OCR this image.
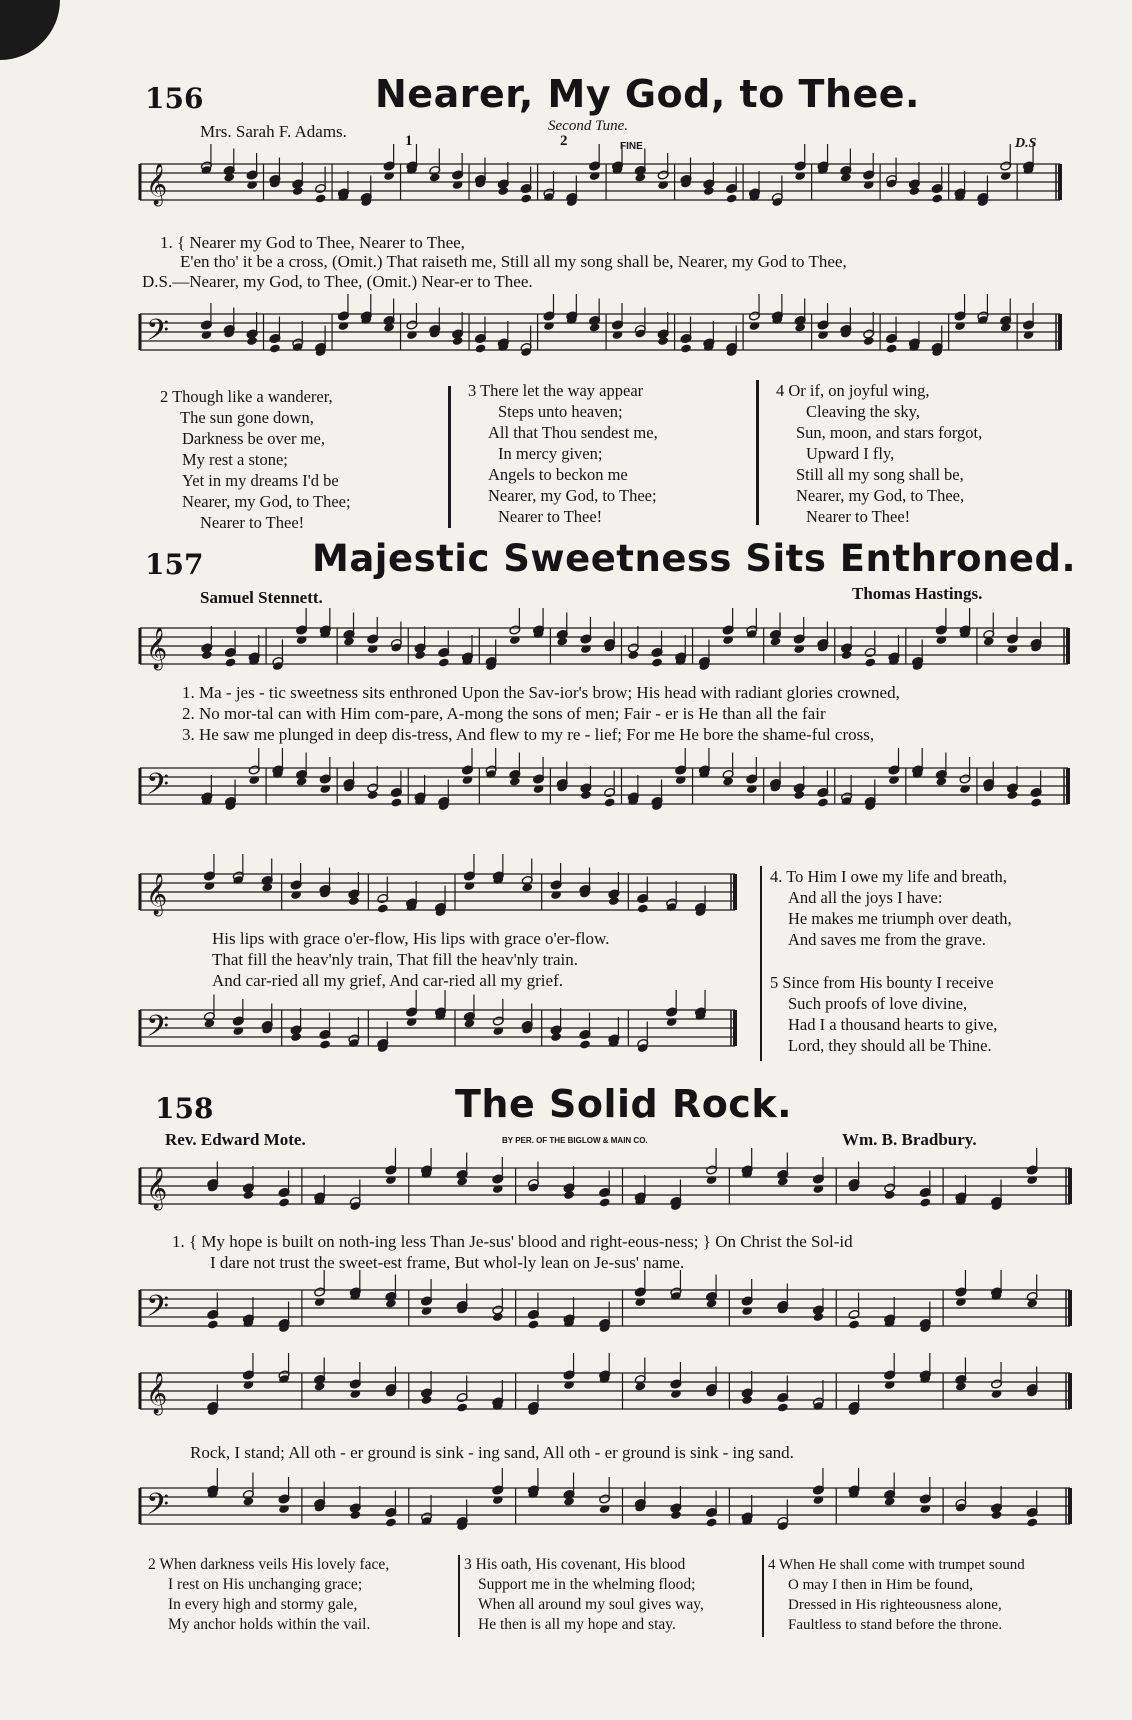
156	Nearer, My God, to Thee.
Mrs. Sarah F. Adams.	Second Tune.
1	2	FINE	D.S
𝄞
1. { Nearer my God to Thee, Nearer to Thee,
E'en tho' it be a cross, (Omit.) That raiseth me, Still all my song shall be, Nearer, my God to Thee,
D.S.—Nearer, my God, to Thee, (Omit.) Near-er to Thee.
𝄢
2 Though like a wanderer,
The sun gone down,
Darkness be over me,
My rest a stone;
Yet in my dreams I'd be
Nearer, my God, to Thee;
Nearer to Thee!
3 There let the way appear
Steps unto heaven;
All that Thou sendest me,
In mercy given;
Angels to beckon me
Nearer, my God, to Thee;
Nearer to Thee!
4 Or if, on joyful wing,
Cleaving the sky,
Sun, moon, and stars forgot,
Upward I fly,
Still all my song shall be,
Nearer, my God, to Thee,
Nearer to Thee!
157	Majestic Sweetness Sits Enthroned.
Samuel Stennett.	Thomas Hastings.
𝄞
1. Ma - jes - tic sweetness sits enthroned Upon the Sav-ior's brow; His head with radiant glories crowned,
2. No mor-tal can with Him com-pare, A-mong the sons of men; Fair - er is He than all the fair
3. He saw me plunged in deep dis-tress, And flew to my re - lief; For me He bore the shame-ful cross,
𝄢
𝄞
His lips with grace o'er-flow, His lips with grace o'er-flow.
That fill the heav'nly train, That fill the heav'nly train.
And car-ried all my grief, And car-ried all my grief.
𝄢
4. To Him I owe my life and breath,
And all the joys I have:
He makes me triumph over death,
And saves me from the grave.
5 Since from His bounty I receive
Such proofs of love divine,
Had I a thousand hearts to give,
Lord, they should all be Thine.
158	The Solid Rock.
Rev. Edward Mote.	BY PER. OF THE BIGLOW & MAIN CO.	Wm. B. Bradbury.
𝄞
1. { My hope is built on noth-ing less Than Je-sus' blood and right-eous-ness; } On Christ the Sol-id
I dare not trust the sweet-est frame, But whol-ly lean on Je-sus' name.
𝄢
𝄞
Rock, I stand; All oth - er ground is sink - ing sand, All oth - er ground is sink - ing sand.
𝄢
2 When darkness veils His lovely face,
I rest on His unchanging grace;
In every high and stormy gale,
My anchor holds within the vail.
3 His oath, His covenant, His blood
Support me in the whelming flood;
When all around my soul gives way,
He then is all my hope and stay.
4 When He shall come with trumpet sound
O may I then in Him be found,
Dressed in His righteousness alone,
Faultless to stand before the throne.
